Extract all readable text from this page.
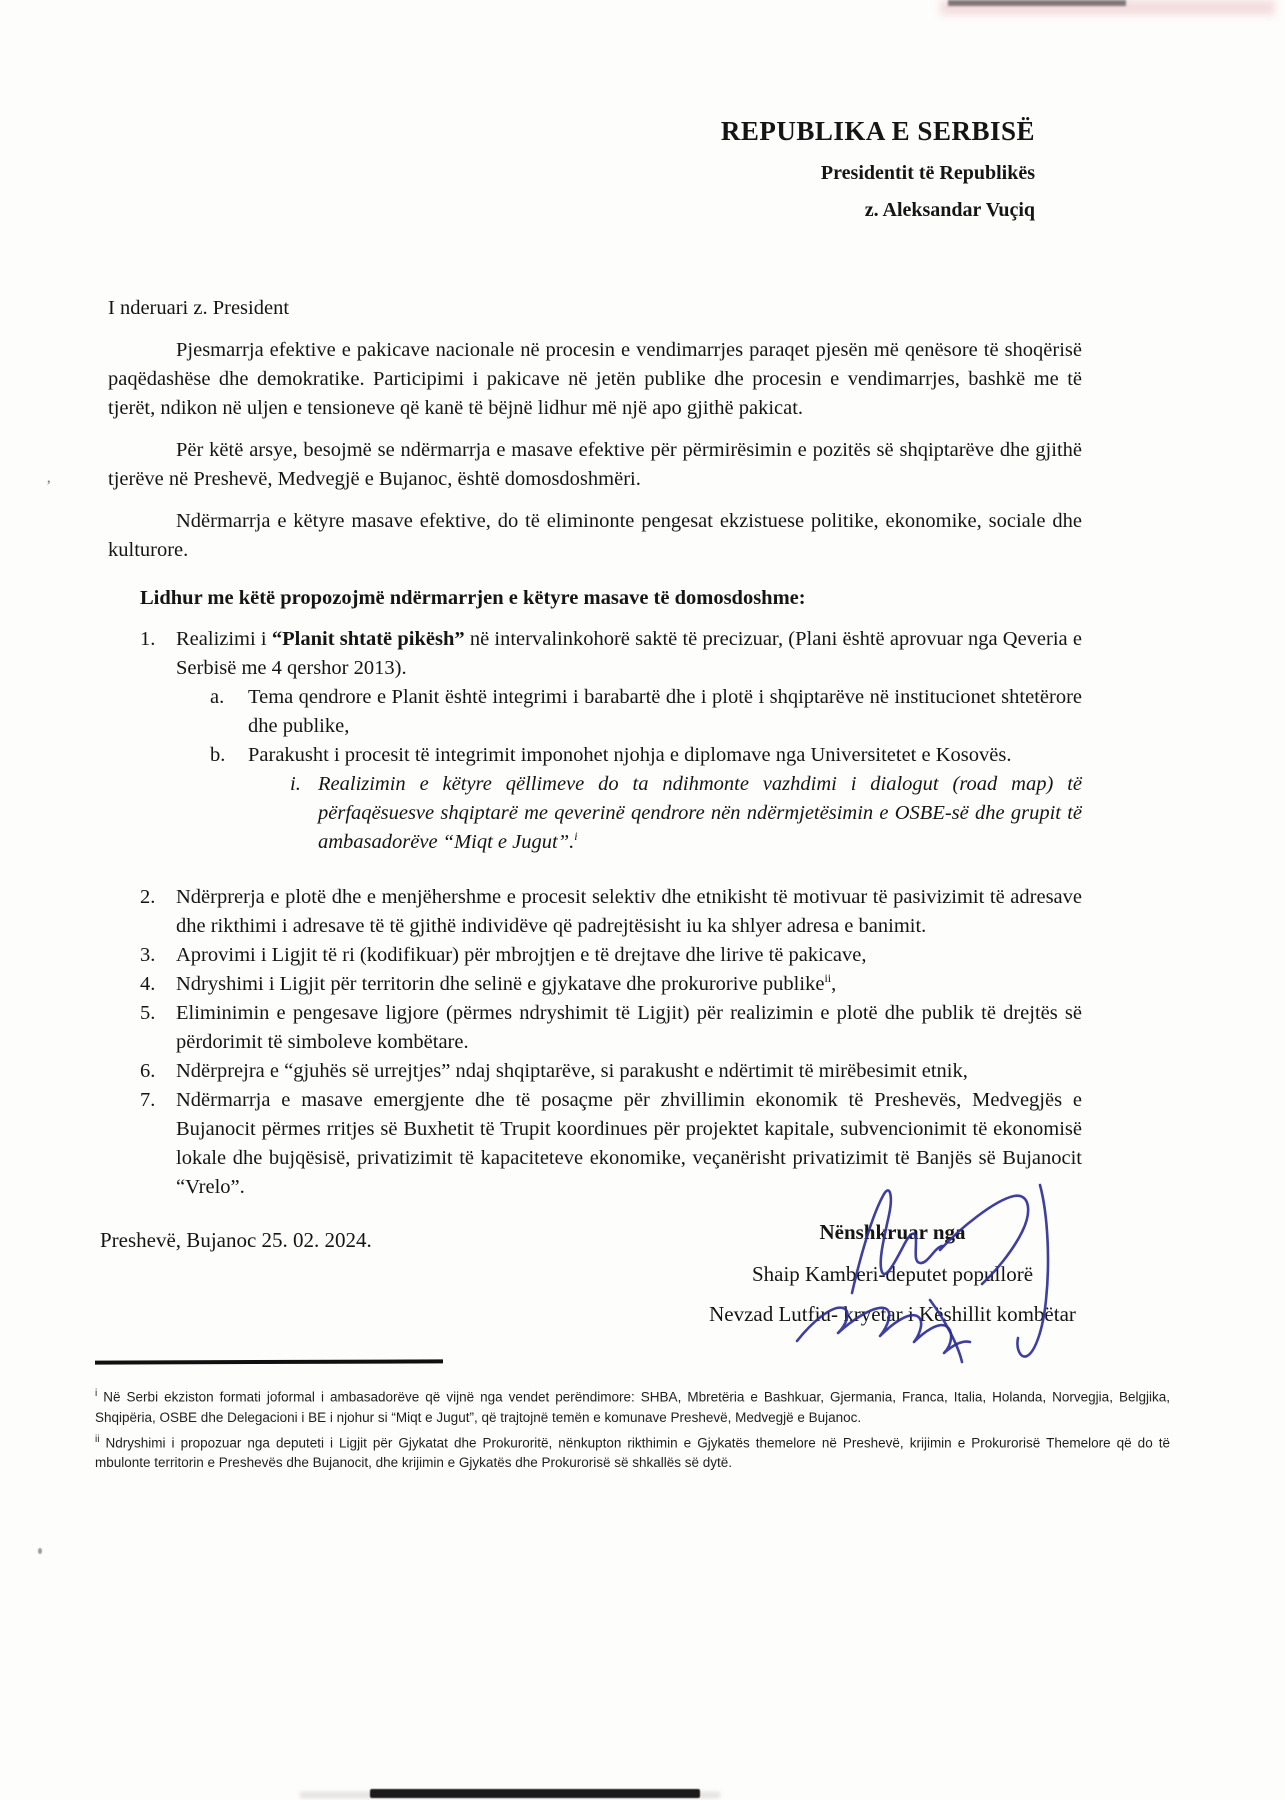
’
REPUBLIKA E SERBISË
Presidentit të Republikës
z. Aleksandar Vuçiq
I nderuari z. President

Pjesmarrja efektive e pakicave nacionale në procesin e vendimarrjes paraqet pjesën më qenësore të shoqërisë paqëdashëse dhe demokratike. Participimi i pakicave në jetën publike dhe procesin e vendimarrjes, bashkë me të tjerët, ndikon në uljen e tensioneve që kanë të bëjnë lidhur më një apo gjithë pakicat.

Për këtë arsye, besojmë se ndërmarrja e masave efektive për përmirësimin e pozitës së shqiptarëve dhe gjithë tjerëve në Preshevë, Medvegjë e Bujanoc, është domosdoshmëri.

Ndërmarrja e këtyre masave efektive, do të eliminonte pengesat ekzistuese politike, ekonomike, sociale dhe kulturore.

Lidhur me këtë propozojmë ndërmarrjen e këtyre masave të domosdoshme:
1.	Realizimi i “Planit shtatë pikësh” në intervalinkohorë saktë të precizuar, (Plani është aprovuar nga Qeveria e Serbisë me 4 qershor 2013).
a.	Tema qendrore e Planit është integrimi i barabartë dhe i plotë i shqiptarëve në institucionet shtetërore dhe publike,
b.	Parakusht i procesit të integrimit imponohet njohja e diplomave nga Universitetet e Kosovës.
i. Realizimin e këtyre qëllimeve do ta ndihmonte vazhdimi i dialogut (road map) të përfaqësuesve shqiptarë me qeverinë qendrore nën ndërmjetësimin e OSBE-së dhe grupit të ambasadorëve “Miqt e Jugut”.$^i$
2.	Ndërprerja e plotë dhe e menjëhershme e procesit selektiv dhe etnikisht të motivuar të pasivizimit të adresave dhe rikthimi i adresave të të gjithë individëve që padrejtësisht iu ka shlyer adresa e banimit.
3.	Aprovimi i Ligjit të ri (kodifikuar) për mbrojtjen e të drejtave dhe lirive të pakicave,
4.	Ndryshimi i Ligjit për territorin dhe selinë e gjykatave dhe prokurorive publike$^{ii}$,
5.	Eliminimin e pengesave ligjore (përmes ndryshimit të Ligjit) për realizimin e plotë dhe publik të drejtës së përdorimit të simboleve kombëtare.
6.	Ndërprejra e “gjuhës së urrejtjes” ndaj shqiptarëve, si parakusht e ndërtimit të mirëbesimit etnik,
7.	Ndërmarrja e masave emergjente dhe të posaçme për zhvillimin ekonomik të Preshevës, Medvegjës e Bujanocit përmes rritjes së Buxhetit të Trupit koordinues për projektet kapitale, subvencionimit të ekonomisë lokale dhe bujqësisë, privatizimit të kapaciteteve ekonomike, veçanërisht privatizimit të Banjës së Bujanocit “Vrelo”.
Preshevë, Bujanoc 25. 02. 2024.	Nënshkruar nga
Shaip Kamberi-deputet popullorë
Nevzad Lutfiu- kryetar i Këshillit kombëtar
$^i$ Në Serbi ekziston formati joformal i ambasadorëve që vijnë nga vendet perëndimore: SHBA, Mbretëria e Bashkuar, Gjermania, Franca, Italia, Holanda, Norvegjia, Belgjika, Shqipëria, OSBE dhe Delegacioni i BE i njohur si “Miqt e Jugut”, që trajtojnë temën e komunave Preshevë, Medvegjë e Bujanoc.
$^{ii}$ Ndryshimi i propozuar nga deputeti i Ligjit për Gjykatat dhe Prokuroritë, nënkupton rikthimin e Gjykatës themelore në Preshevë, krijimin e Prokurorisë Themelore që do të mbulonte territorin e Preshevës dhe Bujanocit, dhe krijimin e Gjykatës dhe Prokurorisë së shkallës së dytë.
